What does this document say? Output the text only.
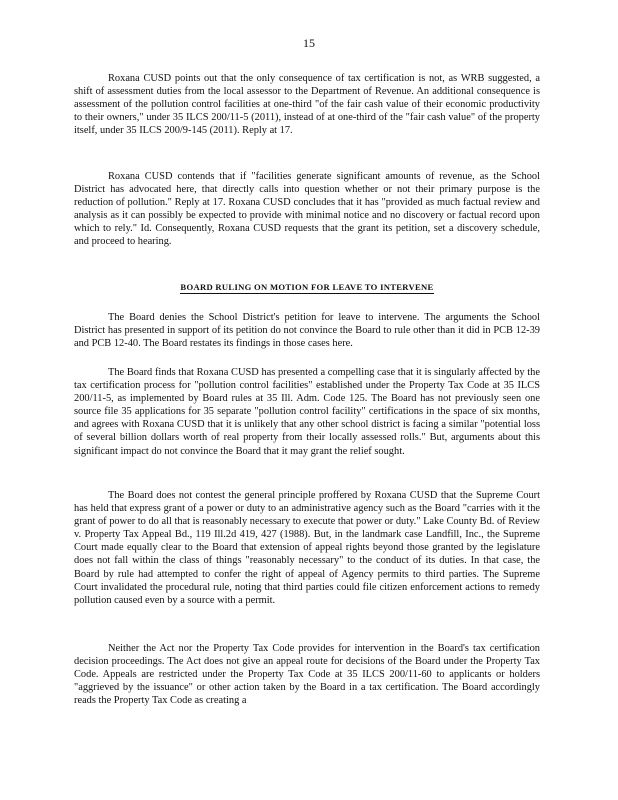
15

Roxana CUSD points out that the only consequence of tax certification is not, as WRB suggested, a shift of assessment duties from the local assessor to the Department of Revenue. An additional consequence is assessment of the pollution control facilities at one-third "of the fair cash value of their economic productivity to their owners," under 35 ILCS 200/11-5 (2011), instead of at one-third of the "fair cash value" of the property itself, under 35 ILCS 200/9-145 (2011). Reply at 17.

Roxana CUSD contends that if "facilities generate significant amounts of revenue, as the School District has advocated here, that directly calls into question whether or not their primary purpose is the reduction of pollution." Reply at 17. Roxana CUSD concludes that it has "provided as much factual review and analysis as it can possibly be expected to provide with minimal notice and no discovery or factual record upon which to rely." Id. Consequently, Roxana CUSD requests that the grant its petition, set a discovery schedule, and proceed to hearing.

BOARD RULING ON MOTION FOR LEAVE TO INTERVENE

The Board denies the School District's petition for leave to intervene. The arguments the School District has presented in support of its petition do not convince the Board to rule other than it did in PCB 12-39 and PCB 12-40. The Board restates its findings in those cases here.

The Board finds that Roxana CUSD has presented a compelling case that it is singularly affected by the tax certification process for "pollution control facilities" established under the Property Tax Code at 35 ILCS 200/11-5, as implemented by Board rules at 35 Ill. Adm. Code 125. The Board has not previously seen one source file 35 applications for 35 separate "pollution control facility" certifications in the space of six months, and agrees with Roxana CUSD that it is unlikely that any other school district is facing a similar "potential loss of several billion dollars worth of real property from their locally assessed rolls." But, arguments about this significant impact do not convince the Board that it may grant the relief sought.

The Board does not contest the general principle proffered by Roxana CUSD that the Supreme Court has held that express grant of a power or duty to an administrative agency such as the Board "carries with it the grant of power to do all that is reasonably necessary to execute that power or duty." Lake County Bd. of Review v. Property Tax Appeal Bd., 119 Ill.2d 419, 427 (1988). But, in the landmark case Landfill, Inc., the Supreme Court made equally clear to the Board that extension of appeal rights beyond those granted by the legislature does not fall within the class of things "reasonably necessary" to the conduct of its duties. In that case, the Board by rule had attempted to confer the right of appeal of Agency permits to third parties. The Supreme Court invalidated the procedural rule, noting that third parties could file citizen enforcement actions to remedy pollution caused even by a source with a permit.

Neither the Act nor the Property Tax Code provides for intervention in the Board's tax certification decision proceedings. The Act does not give an appeal route for decisions of the Board under the Property Tax Code. Appeals are restricted under the Property Tax Code at 35 ILCS 200/11-60 to applicants or holders "aggrieved by the issuance" or other action taken by the Board in a tax certification. The Board accordingly reads the Property Tax Code as creating a
